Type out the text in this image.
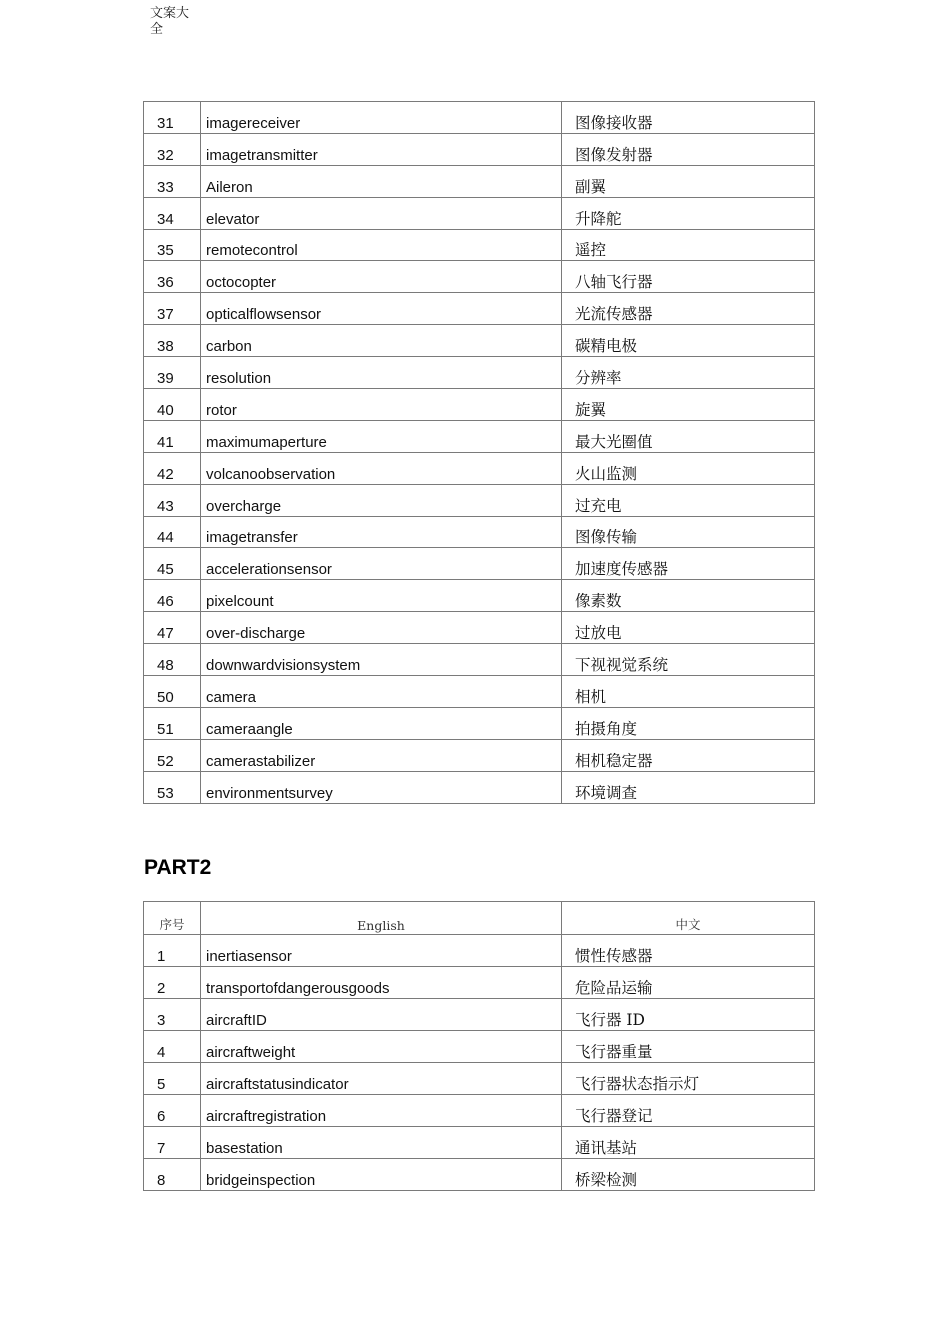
文案大全
31	imagereceiver	图像接收器
32	imagetransmitter	图像发射器
33	Aileron	副翼
34	elevator	升降舵
35	remotecontrol	遥控
36	octocopter	八轴飞行器
37	opticalflowsensor	光流传感器
38	carbon	碳精电极
39	resolution	分辨率
40	rotor	旋翼
41	maximumaperture	最大光圈值
42	volcanoobservation	火山监测
43	overcharge	过充电
44	imagetransfer	图像传输
45	accelerationsensor	加速度传感器
46	pixelcount	像素数
47	over-discharge	过放电
48	downwardvisionsystem	下视视觉系统
50	camera	相机
51	cameraangle	拍摄角度
52	camerastabilizer	相机稳定器
53	environmentsurvey	环境调查
PART2
序号	English	中文
1	inertiasensor	惯性传感器
2	transportofdangerousgoods	危险品运输
3	aircraftID	飞行器 ID
4	aircraftweight	飞行器重量
5	aircraftstatusindicator	飞行器状态指示灯
6	aircraftregistration	飞行器登记
7	basestation	通讯基站
8	bridgeinspection	桥梁检测
